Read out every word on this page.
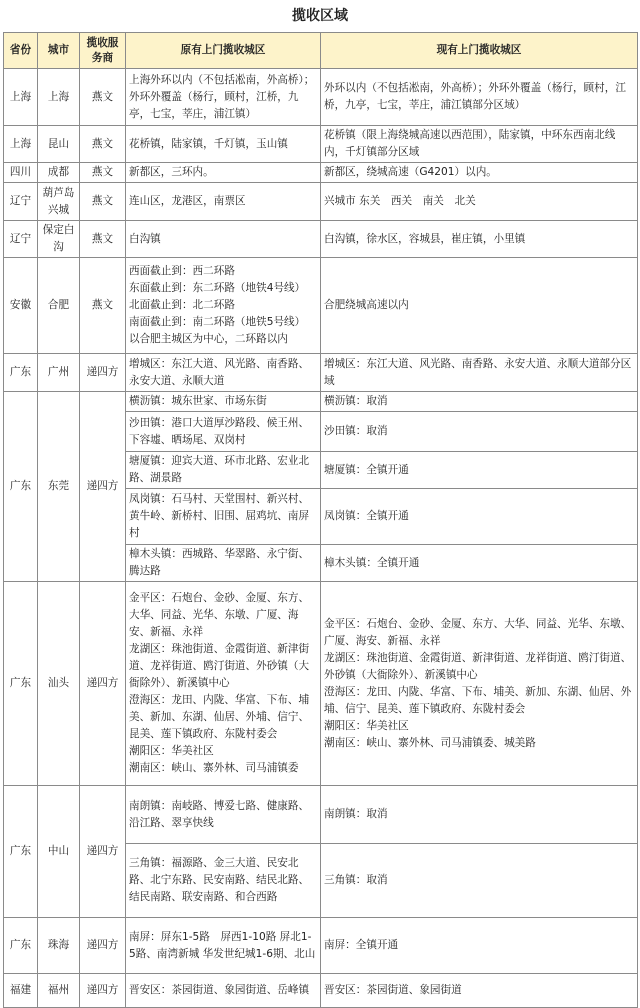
揽收区域
省份	城市	揽收服务商	原有上门揽收城区	现有上门揽收城区
上海	上海	燕文	上海外环以内（不包括凇南，外高桥）；外环外覆盖（杨行，顾村，江桥，九亭，七宝，莘庄，浦江镇）	外环以内（不包括凇南，外高桥）；外环外覆盖（杨行，顾村，江桥，九亭，七宝，莘庄，浦江镇部分区域）
上海	昆山	燕文	花桥镇，陆家镇，千灯镇，玉山镇	花桥镇（限上海绕城高速以西范围），陆家镇，中环东西南北线内，千灯镇部分区域
四川	成都	燕文	新都区，三环内。	新都区，绕城高速（G4201）以内。
辽宁	葫芦岛兴城	燕文	连山区，龙港区，南票区	兴城市 东关　西关　南关　北关
辽宁	保定白沟	燕文	白沟镇	白沟镇，徐水区，容城县，崔庄镇，小里镇
安徽	合肥	燕文	西面截止到：西二环路
东面截止到：东二环路（地铁4号线）
北面截止到：北二环路
南面截止到：南二环路（地铁5号线）
以合肥主城区为中心，二环路以内	合肥绕城高速以内
广东	广州	递四方	增城区：东江大道、风光路、南香路、永安大道、永顺大道	增城区：东江大道、风光路、南香路、永安大道、永顺大道部分区域
广东	东莞	递四方	横沥镇：城东世家、市场东街	横沥镇：取消
			沙田镇：港口大道厚沙路段、候王州、下容墟、晒场尾、双岗村	沙田镇：取消
			塘厦镇：迎宾大道、环市北路、宏业北路、湖景路	塘厦镇：全镇开通
			凤岗镇：石马村、天堂围村、新兴村、黄牛岭、新桥村、旧围、屈鸡坑、南屏村	凤岗镇：全镇开通
			樟木头镇：西城路、华翠路、永宁街、腾达路	樟木头镇：全镇开通
广东	汕头	递四方	金平区：石炮台、金砂、金厦、东方、大华、同益、光华、东墩、广厦、海安、新福、永祥
龙湖区：珠池街道、金霞街道、新津街道、龙祥街道、鸥汀街道、外砂镇（大衙除外）、新溪镇中心
澄海区：龙田、内陇、华富、下布、埔美、新加、东湖、仙居、外埔、信宁、昆美、莲下镇政府、东陇村委会
潮阳区：华美社区
潮南区：峡山、寨外林、司马浦镇委	金平区：石炮台、金砂、金厦、东方、大华、同益、光华、东墩、广厦、海安、新福、永祥
龙湖区：珠池街道、金霞街道、新津街道、龙祥街道、鸥汀街道、外砂镇（大衙除外）、新溪镇中心
澄海区：龙田、内陇、华富、下布、埔美、新加、东湖、仙居、外埔、信宁、昆美、莲下镇政府、东陇村委会
潮阳区：华美社区
潮南区：峡山、寨外林、司马浦镇委、城美路
广东	中山	递四方	南朗镇：南岐路、博爱七路、健康路、沿江路、翠享快线	南朗镇：取消
			三角镇：福源路、金三大道、民安北路、北宁东路、民安南路、结民北路、结民南路、联安南路、和合西路	三角镇：取消
广东	珠海	递四方	南屏：屏东1-5路　屏西1-10路 屏北1-5路、南湾新城 华发世纪城1-6期、北山	南屏：全镇开通
福建	福州	递四方	晋安区：茶园街道、象园街道、岳峰镇	晋安区：茶园街道、象园街道
